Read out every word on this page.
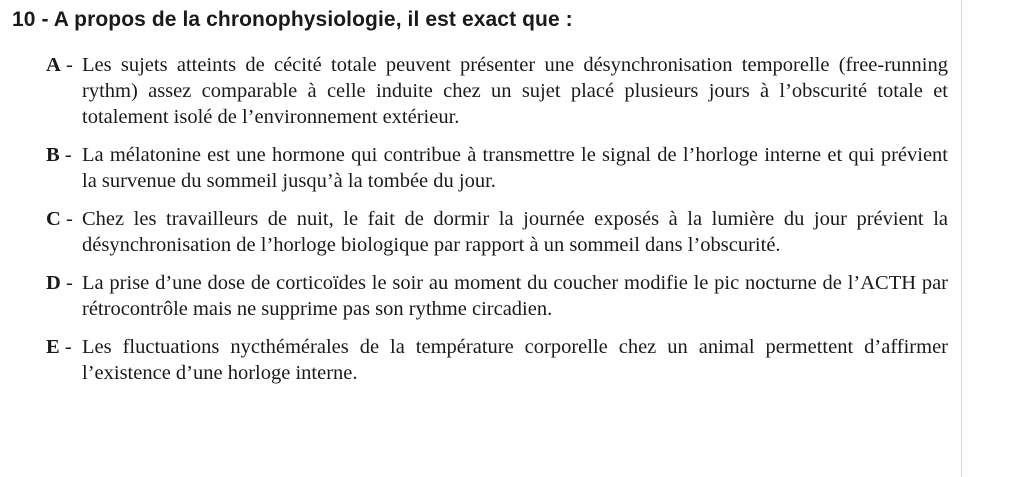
10 - A propos de la chronophysiologie, il est exact que :
A - Les sujets atteints de cécité totale peuvent présenter une désynchronisation temporelle (free-running rythm) assez comparable à celle induite chez un sujet placé plusieurs jours à l’obscurité totale et totalement isolé de l’environnement extérieur.
B - La mélatonine est une hormone qui contribue à transmettre le signal de l’horloge interne et qui prévient la survenue du sommeil jusqu’à la tombée du jour.
C - Chez les travailleurs de nuit, le fait de dormir la journée exposés à la lumière du jour prévient la désynchronisation de l’horloge biologique par rapport à un sommeil dans l’obscurité.
D - La prise d’une dose de corticoïdes le soir au moment du coucher modifie le pic nocturne de l’ACTH par rétrocontrôle mais ne supprime pas son rythme circadien.
E - Les fluctuations nycthémérales de la température corporelle chez un animal permettent d’affirmer l’existence d’une horloge interne.
